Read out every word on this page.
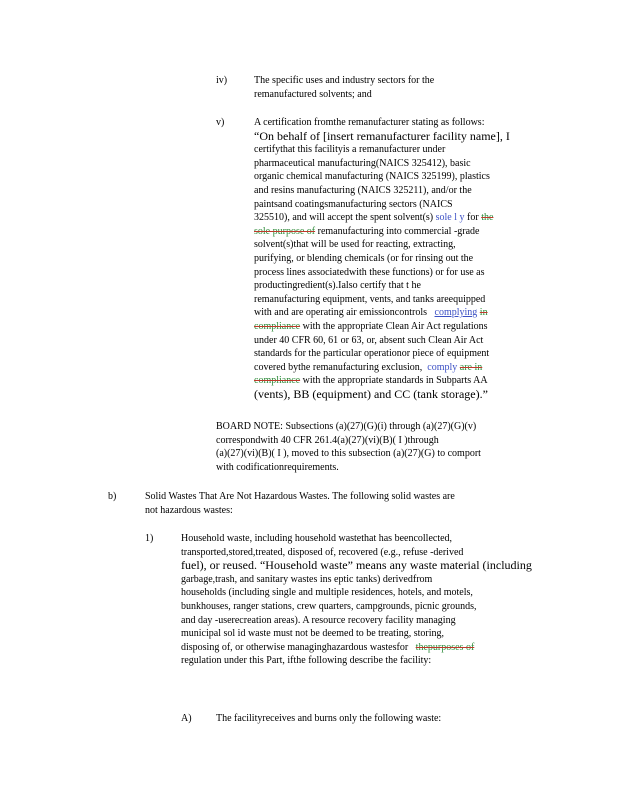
iv)	The specific uses and industry sectors for the
remanufactured solvents; and
v)	A certification fromthe remanufacturer stating as follows:
“On behalf of [insert remanufacturer facility name], I
certifythat this facilityis a remanufacturer under
pharmaceutical manufacturing(NAICS 325412), basic
organic chemical manufacturing (NAICS 325199), plastics
and resins manufacturing (NAICS 325211), and/or the
paintsand coatingsmanufacturing sectors (NAICS
325510), and will accept the spent solvent(s) sole l y for the
sole purpose of remanufacturing into commercial -grade
solvent(s)that will be used for reacting, extracting,
purifying, or blending chemicals (or for rinsing out the
process lines associatedwith these functions) or for use as
productingredient(s).Ialso certify that t he
remanufacturing equipment, vents, and tanks areequipped
with and are operating air emissioncontrols complying in
compliance with the appropriate Clean Air Act regulations
under 40 CFR 60, 61 or 63, or, absent such Clean Air Act
standards for the particular operationor piece of equipment
covered bythe remanufacturing exclusion, comply are in
compliance with the appropriate standards in Subparts AA
(vents), BB (equipment) and CC (tank storage).”
BOARD NOTE: Subsections (a)(27)(G)(i) through (a)(27)(G)(v)
correspondwith 40 CFR 261.4(a)(27)(vi)(B)( I )through
(a)(27)(vi)(B)( I ), moved to this subsection (a)(27)(G) to comport
with codificationrequirements.
b)	Solid Wastes That Are Not Hazardous Wastes. The following solid wastes are
not hazardous wastes:
1)	Household waste, including household wastethat has beencollected,
transported,stored,treated, disposed of, recovered (e.g., refuse -derived
fuel), or reused. “Household waste” means any waste material (including
garbage,trash, and sanitary wastes ins eptic tanks) derivedfrom
households (including single and multiple residences, hotels, and motels,
bunkhouses, ranger stations, crew quarters, campgrounds, picnic grounds,
and day -userecreation areas). A resource recovery facility managing
municipal sol id waste must not be deemed to be treating, storing,
disposing of, or otherwise managinghazardous wastesfor thepurposes of
regulation under this Part, ifthe following describe the facility:
A) The facilityreceives and burns only the following waste:
